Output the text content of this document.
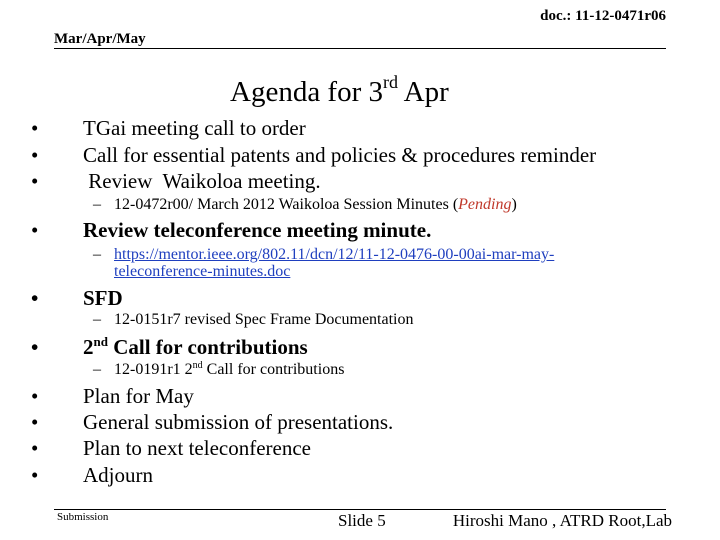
doc.: 11-12-0471r06
Mar/Apr/May
Agenda for 3rd Apr
• TGai meeting call to order
• Call for essential patents and policies & procedures reminder
• Review  Waikoloa meeting.
– 12-0472r00/ March 2012 Waikoloa Session Minutes (Pending)
• Review teleconference meeting minute.
– https://mentor.ieee.org/802.11/dcn/12/11-12-0476-00-00ai-mar-may-
teleconference-minutes.doc
• SFD
– 12-0151r7 revised Spec Frame Documentation
• 2nd Call for contributions
– 12-0191r1 2nd Call for contributions
• Plan for May
• General submission of presentations.
• Plan to next teleconference
• Adjourn
Submission	Slide 5	Hiroshi Mano , ATRD Root,Lab
